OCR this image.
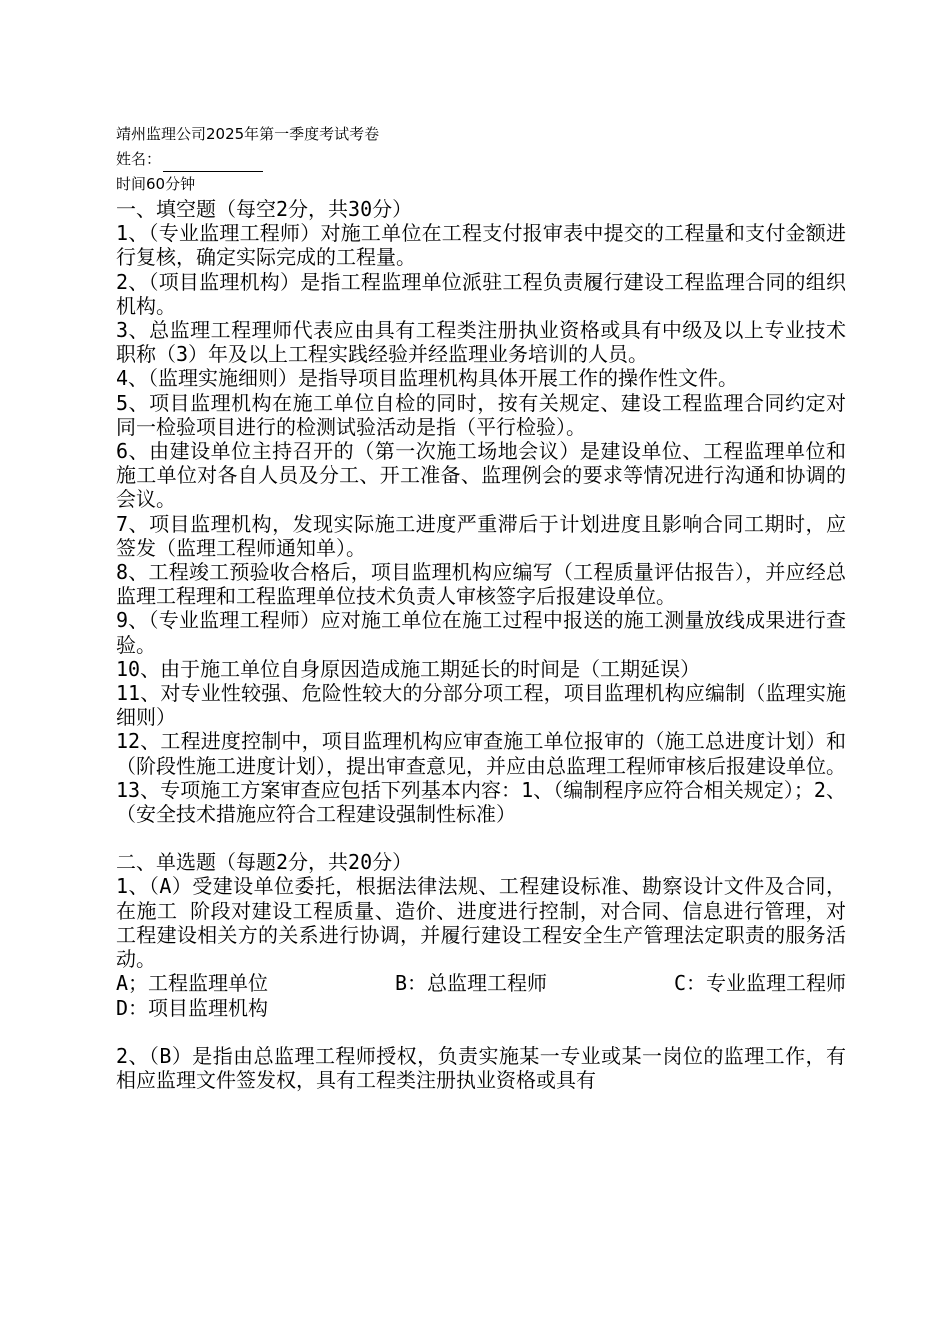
靖州监理公司2025年第一季度考试考卷
姓名：
时间60分钟

一、填空题（每空2分，共30分）

1、（专业监理工程师）对施工单位在工程支付报审表中提交的工程量和支付金额进行复核，确定实际完成的工程量。

2、（项目监理机构）是指工程监理单位派驻工程负责履行建设工程监理合同的组织机构。

3、总监理工程理师代表应由具有工程类注册执业资格或具有中级及以上专业技术职称（3）年及以上工程实践经验并经监理业务培训的人员。

4、（监理实施细则）是指导项目监理机构具体开展工作的操作性文件。

5、项目监理机构在施工单位自检的同时，按有关规定、建设工程监理合同约定对同一检验项目进行的检测试验活动是指（平行检验）。

6、由建设单位主持召开的（第一次施工场地会议）是建设单位、工程监理单位和施工单位对各自人员及分工、开工准备、监理例会的要求等情况进行沟通和协调的会议。

7、项目监理机构，发现实际施工进度严重滞后于计划进度且影响合同工期时，应签发（监理工程师通知单）。

8、工程竣工预验收合格后，项目监理机构应编写（工程质量评估报告），并应经总监理工程理和工程监理单位技术负责人审核签字后报建设单位。

9、（专业监理工程师）应对施工单位在施工过程中报送的施工测量放线成果进行查验。

10、由于施工单位自身原因造成施工期延长的时间是（工期延误）

11、对专业性较强、危险性较大的分部分项工程，项目监理机构应编制（监理实施细则）

12、工程进度控制中，项目监理机构应审查施工单位报审的（施工总进度计划）和（阶段性施工进度计划），提出审查意见，并应由总监理工程师审核后报建设单位。

13、专项施工方案审查应包括下列基本内容：1、（编制程序应符合相关规定）；2、（安全技术措施应符合工程建设强制性标准）

二、单选题（每题2分，共20分）

1、（A）受建设单位委托，根据法律法规、工程建设标准、勘察设计文件及合同，在施工 阶段对建设工程质量、造价、进度进行控制，对合同、信息进行管理，对工程建设相关方的关系进行协调，并履行建设工程安全生产管理法定职责的服务活动。

A；工程监理单位	B：总监理工程师	C：专业监理工程师

D：项目监理机构

2、（B）是指由总监理工程师授权，负责实施某一专业或某一岗位的监理工作，有相应监理文件签发权，具有工程类注册执业资格或具有
